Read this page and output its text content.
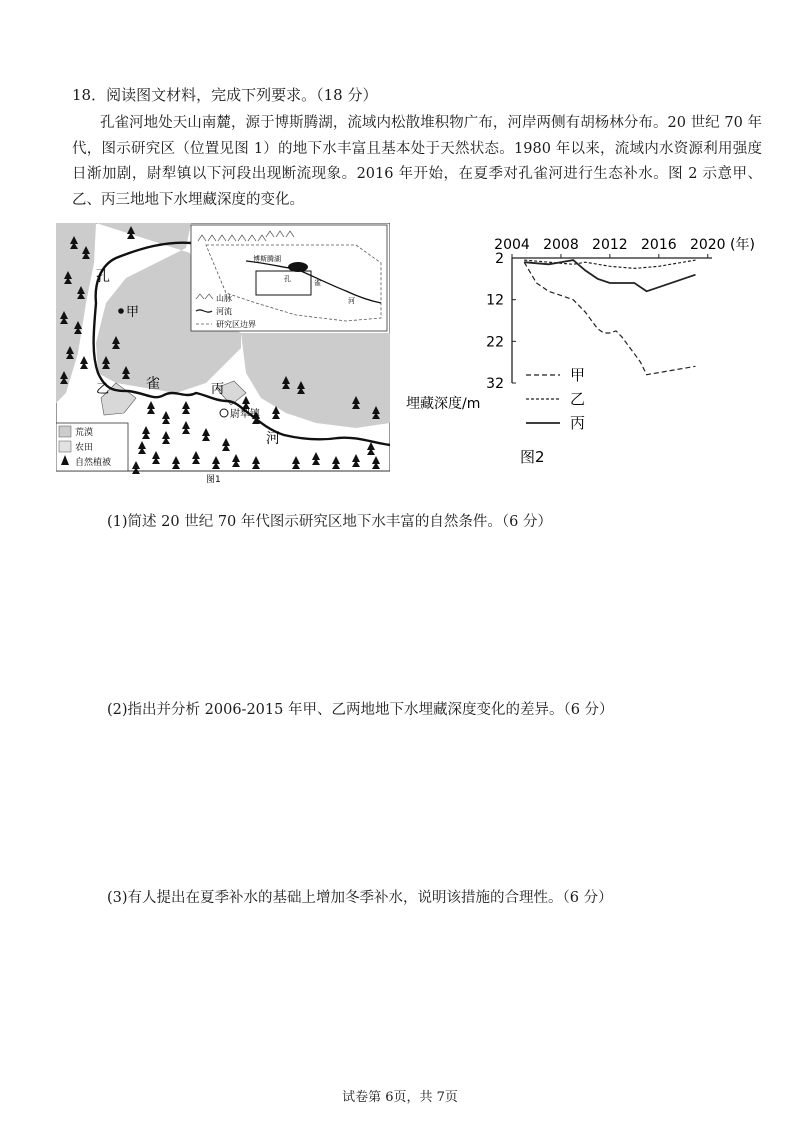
18．阅读图文材料，完成下列要求。（18 分）
孔雀河地处天山南麓，源于博斯腾湖，流域内松散堆积物广布，河岸两侧有胡杨林分布。20 世纪 70 年代，图示研究区（位置见图 1）的地下水丰富且基本处于天然状态。1980 年以来，流域内水资源利用强度日渐加剧，尉犁镇以下河段出现断流现象。2016 年开始，在夏季对孔雀河进行生态补水。图 2 示意甲、乙、丙三地地下水埋藏深度的变化。
甲
孔
雀
河
乙	丙
尉犁镇
博斯腾湖
孔	雀
河
山脉
河流
研究区边界
荒漠
农田
自然植被
图1
2004 2008 2012 2016 2020 (年)
2
12
22
32
埋藏深度/m
甲
乙
丙
图2
(1)简述 20 世纪 70 年代图示研究区地下水丰富的自然条件。（6 分）
(2)指出并分析 2006-2015 年甲、乙两地地下水埋藏深度变化的差异。（6 分）
(3)有人提出在夏季补水的基础上增加冬季补水，说明该措施的合理性。（6 分）
试卷第 6页，共 7页
